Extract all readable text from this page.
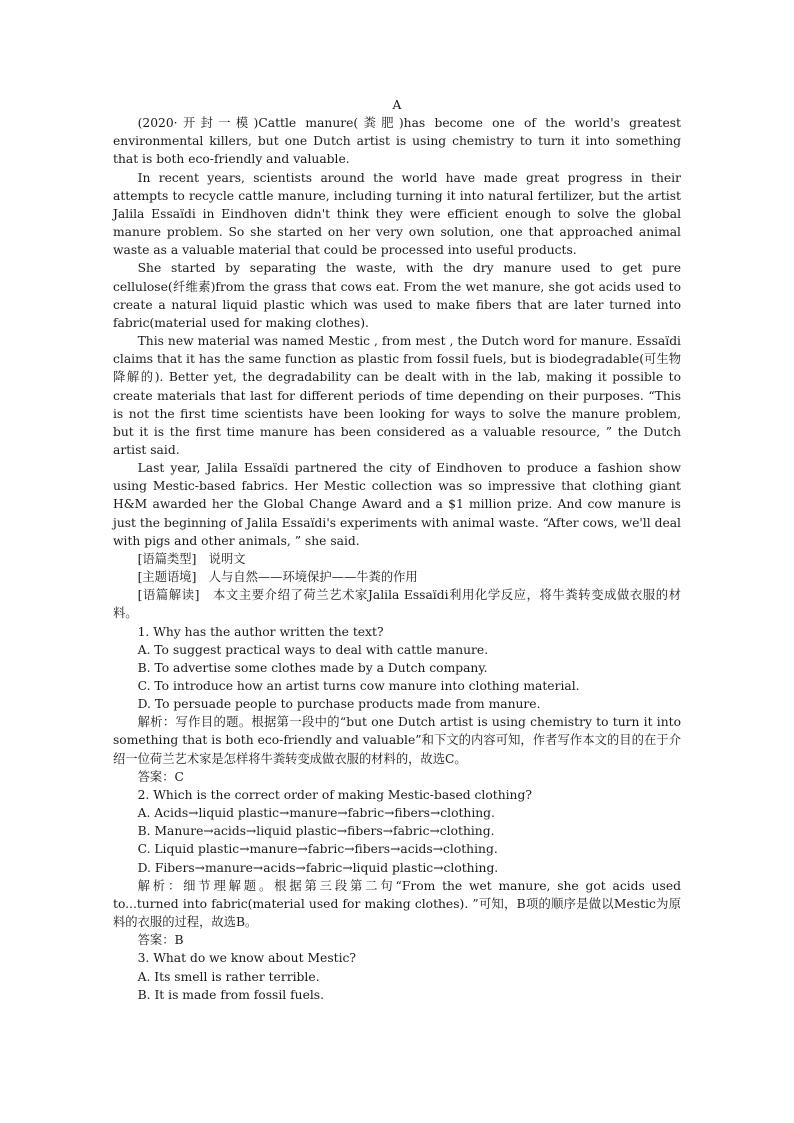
A

(2020·开封一模)Cattle manure(粪肥)has become one of the world's greatest environmental killers, but one Dutch artist is using chemistry to turn it into something that is both eco-friendly and valuable.

In recent years, scientists around the world have made great progress in their attempts to recycle cattle manure, including turning it into natural fertilizer, but the artist Jalila Essaïdi in Eindhoven didn't think they were efficient enough to solve the global manure problem. So she started on her very own solution, one that approached animal waste as a valuable material that could be processed into useful products.

She started by separating the waste, with the dry manure used to get pure cellulose(纤维素)from the grass that cows eat. From the wet manure, she got acids used to create a natural liquid plastic which was used to make fibers that are later turned into fabric(material used for making clothes).

This new material was named Mestic , from mest , the Dutch word for manure. Essaïdi claims that it has the same function as plastic from fossil fuels, but is biodegradable(可生物降解的). Better yet, the degradability can be dealt with in the lab, making it possible to create materials that last for different periods of time depending on their purposes. “This is not the first time scientists have been looking for ways to solve the manure problem, but it is the first time manure has been considered as a valuable resource, ” the Dutch artist said.

Last year, Jalila Essaïdi partnered the city of Eindhoven to produce a fashion show using Mestic-based fabrics. Her Mestic collection was so impressive that clothing giant H&M awarded her the Global Change Award and a $1 million prize. And cow manure is just the beginning of Jalila Essaïdi's experiments with animal waste. “After cows, we'll deal with pigs and other animals, ” she said.

[语篇类型]　说明文

[主题语境]　人与自然——环境保护——牛粪的作用

[语篇解读]　本文主要介绍了荷兰艺术家Jalila Essaïdi利用化学反应，将牛粪转变成做衣服的材料。

1. Why has the author written the text?

A. To suggest practical ways to deal with cattle manure.

B. To advertise some clothes made by a Dutch company.

C. To introduce how an artist turns cow manure into clothing material.

D. To persuade people to purchase products made from manure.

解析：写作目的题。根据第一段中的“but one Dutch artist is using chemistry to turn it into something that is both eco-friendly and valuable”和下文的内容可知，作者写作本文的目的在于介绍一位荷兰艺术家是怎样将牛粪转变成做衣服的材料的，故选C。

答案：C

2. Which is the correct order of making Mestic-based clothing?

A. Acids→liquid plastic→manure→fabric→fibers→clothing.

B. Manure→acids→liquid plastic→fibers→fabric→clothing.

C. Liquid plastic→manure→fabric→fibers→acids→clothing.

D. Fibers→manure→acids→fabric→liquid plastic→clothing.

解析：细节理解题。根据第三段第二句“From the wet manure, she got acids used to...turned into fabric(material used for making clothes). ”可知，B项的顺序是做以Mestic为原料的衣服的过程，故选B。

答案：B

3. What do we know about Mestic?

A. Its smell is rather terrible.

B. It is made from fossil fuels.
